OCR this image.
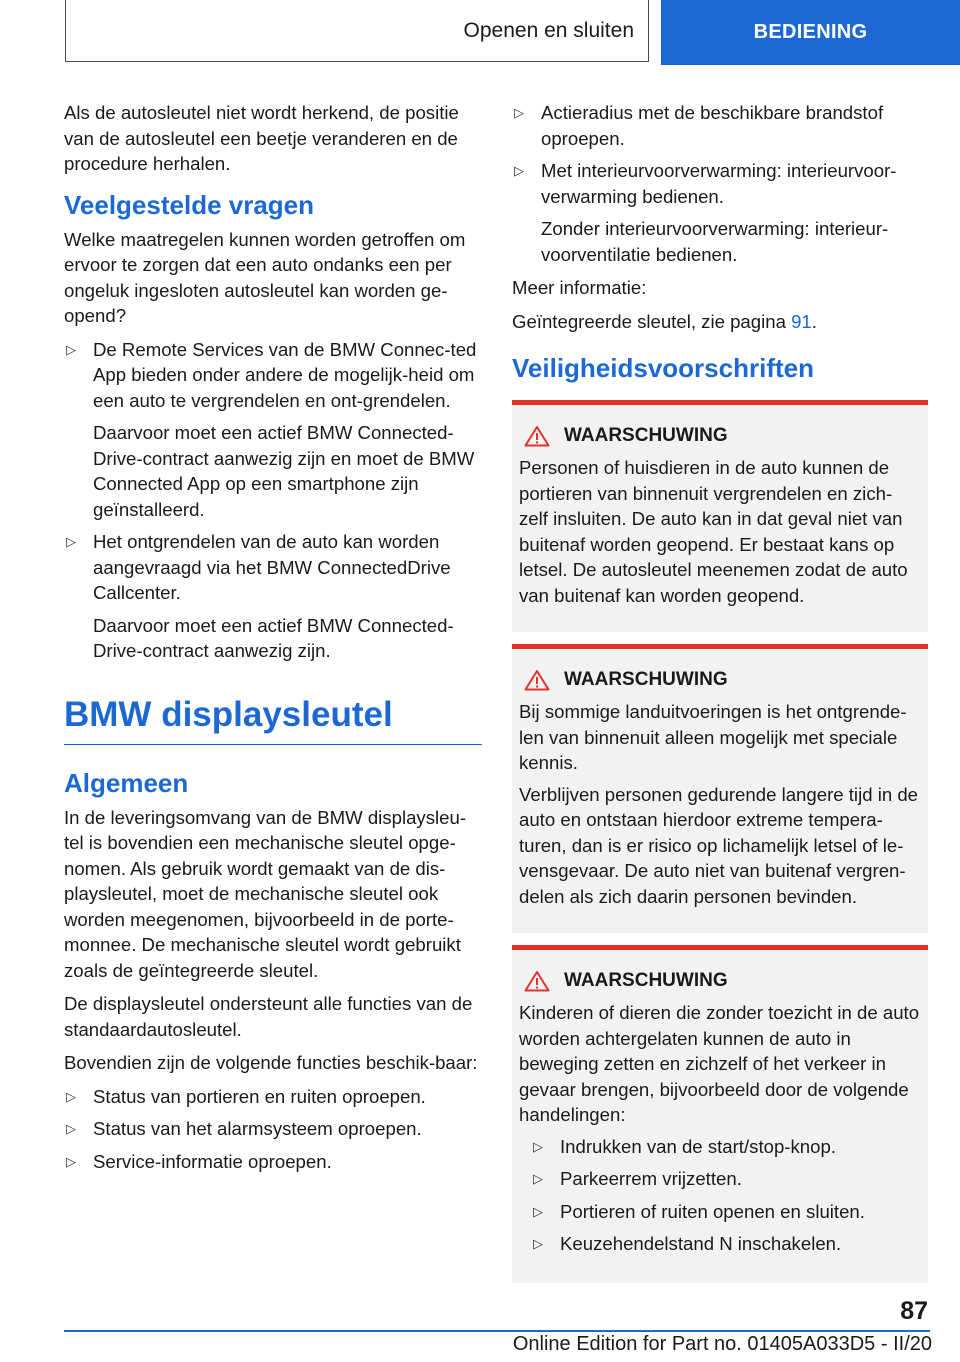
Openen en sluiten	BEDIENING

Als de autosleutel niet wordt herkend, de positie van de autosleutel een beetje veranderen en de procedure herhalen.

Veelgestelde vragen

Welke maatregelen kunnen worden getroffen om ervoor te zorgen dat een auto ondanks een per ongeluk ingesloten autosleutel kan worden ge-opend?

▷ De Remote Services van de BMW Connec-ted App bieden onder andere de mogelijk-heid om een auto te vergrendelen en ont-grendelen.

Daarvoor moet een actief BMW Connected-Drive-contract aanwezig zijn en moet de BMW Connected App op een smartphone zijn geïnstalleerd.

▷ Het ontgrendelen van de auto kan worden aangevraagd via het BMW ConnectedDrive Callcenter.

Daarvoor moet een actief BMW Connected-Drive-contract aanwezig zijn.

BMW displaysleutel
Algemeen

In de leveringsomvang van de BMW displaysleu-tel is bovendien een mechanische sleutel opge-nomen. Als gebruik wordt gemaakt van de dis-playsleutel, moet de mechanische sleutel ook worden meegenomen, bijvoorbeeld in de porte-monnee. De mechanische sleutel wordt gebruikt zoals de geïntegreerde sleutel.

De displaysleutel ondersteunt alle functies van de standaardautosleutel.

Bovendien zijn de volgende functies beschik-baar:

▷ Status van portieren en ruiten oproepen.
▷ Status van het alarmsysteem oproepen.
▷ Service-informatie oproepen.
▷ Actieradius met de beschikbare brandstof oproepen.

▷ Met interieurvoorverwarming: interieurvoor-verwarming bedienen.

Zonder interieurvoorverwarming: interieur-voorventilatie bedienen.

Meer informatie:

Geïntegreerde sleutel, zie pagina 91.

Veiligheidsvoorschriften
WAARSCHUWING

Personen of huisdieren in de auto kunnen de portieren van binnenuit vergrendelen en zich-zelf insluiten. De auto kan in dat geval niet van buitenaf worden geopend. Er bestaat kans op letsel. De autosleutel meenemen zodat de auto van buitenaf kan worden geopend.

WAARSCHUWING

Bij sommige landuitvoeringen is het ontgrende-len van binnenuit alleen mogelijk met speciale kennis.

Verblijven personen gedurende langere tijd in de auto en ontstaan hierdoor extreme tempera-turen, dan is er risico op lichamelijk letsel of le-vensgevaar. De auto niet van buitenaf vergren-delen als zich daarin personen bevinden.

WAARSCHUWING

Kinderen of dieren die zonder toezicht in de auto worden achtergelaten kunnen de auto in beweging zetten en zichzelf of het verkeer in gevaar brengen, bijvoorbeeld door de volgende handelingen:

▷ Indrukken van de start/stop-knop.
▷ Parkeerrem vrijzetten.
▷ Portieren of ruiten openen en sluiten.
▷ Keuzehendelstand N inschakelen.
87
Online Edition for Part no. 01405A033D5 - II/20
